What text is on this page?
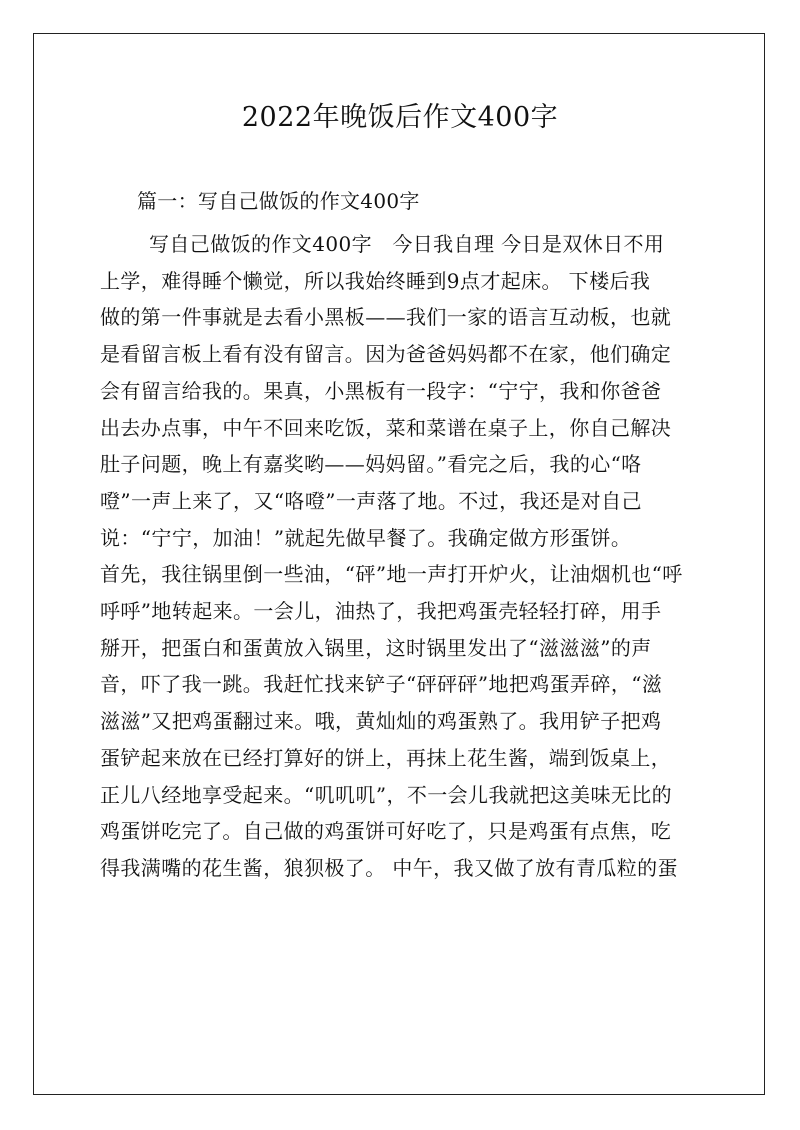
2022年晚饭后作文400字
篇一：写自己做饭的作文400字
写自己做饭的作文400字　今日我自理 今日是双休日不用
上学，难得睡个懒觉，所以我始终睡到9点才起床。 下楼后我
做的第一件事就是去看小黑板——我们一家的语言互动板，也就
是看留言板上看有没有留言。因为爸爸妈妈都不在家，他们确定
会有留言给我的。果真，小黑板有一段字：“宁宁，我和你爸爸
出去办点事，中午不回来吃饭，菜和菜谱在桌子上，你自己解决
肚子问题，晚上有嘉奖哟——妈妈留。”看完之后，我的心“咯
噔”一声上来了，又“咯噔”一声落了地。不过，我还是对自己
说：“宁宁，加油！”就起先做早餐了。我确定做方形蛋饼。
首先，我往锅里倒一些油，“砰”地一声打开炉火，让油烟机也“呼
呼呼”地转起来。一会儿，油热了，我把鸡蛋壳轻轻打碎，用手
掰开，把蛋白和蛋黄放入锅里，这时锅里发出了“滋滋滋”的声
音，吓了我一跳。我赶忙找来铲子“砰砰砰”地把鸡蛋弄碎，“滋
滋滋”又把鸡蛋翻过来。哦，黄灿灿的鸡蛋熟了。我用铲子把鸡
蛋铲起来放在已经打算好的饼上，再抹上花生酱，端到饭桌上，
正儿八经地享受起来。“叽叽叽”，不一会儿我就把这美味无比的
鸡蛋饼吃完了。自己做的鸡蛋饼可好吃了，只是鸡蛋有点焦，吃
得我满嘴的花生酱，狼狈极了。 中午，我又做了放有青瓜粒的蛋
